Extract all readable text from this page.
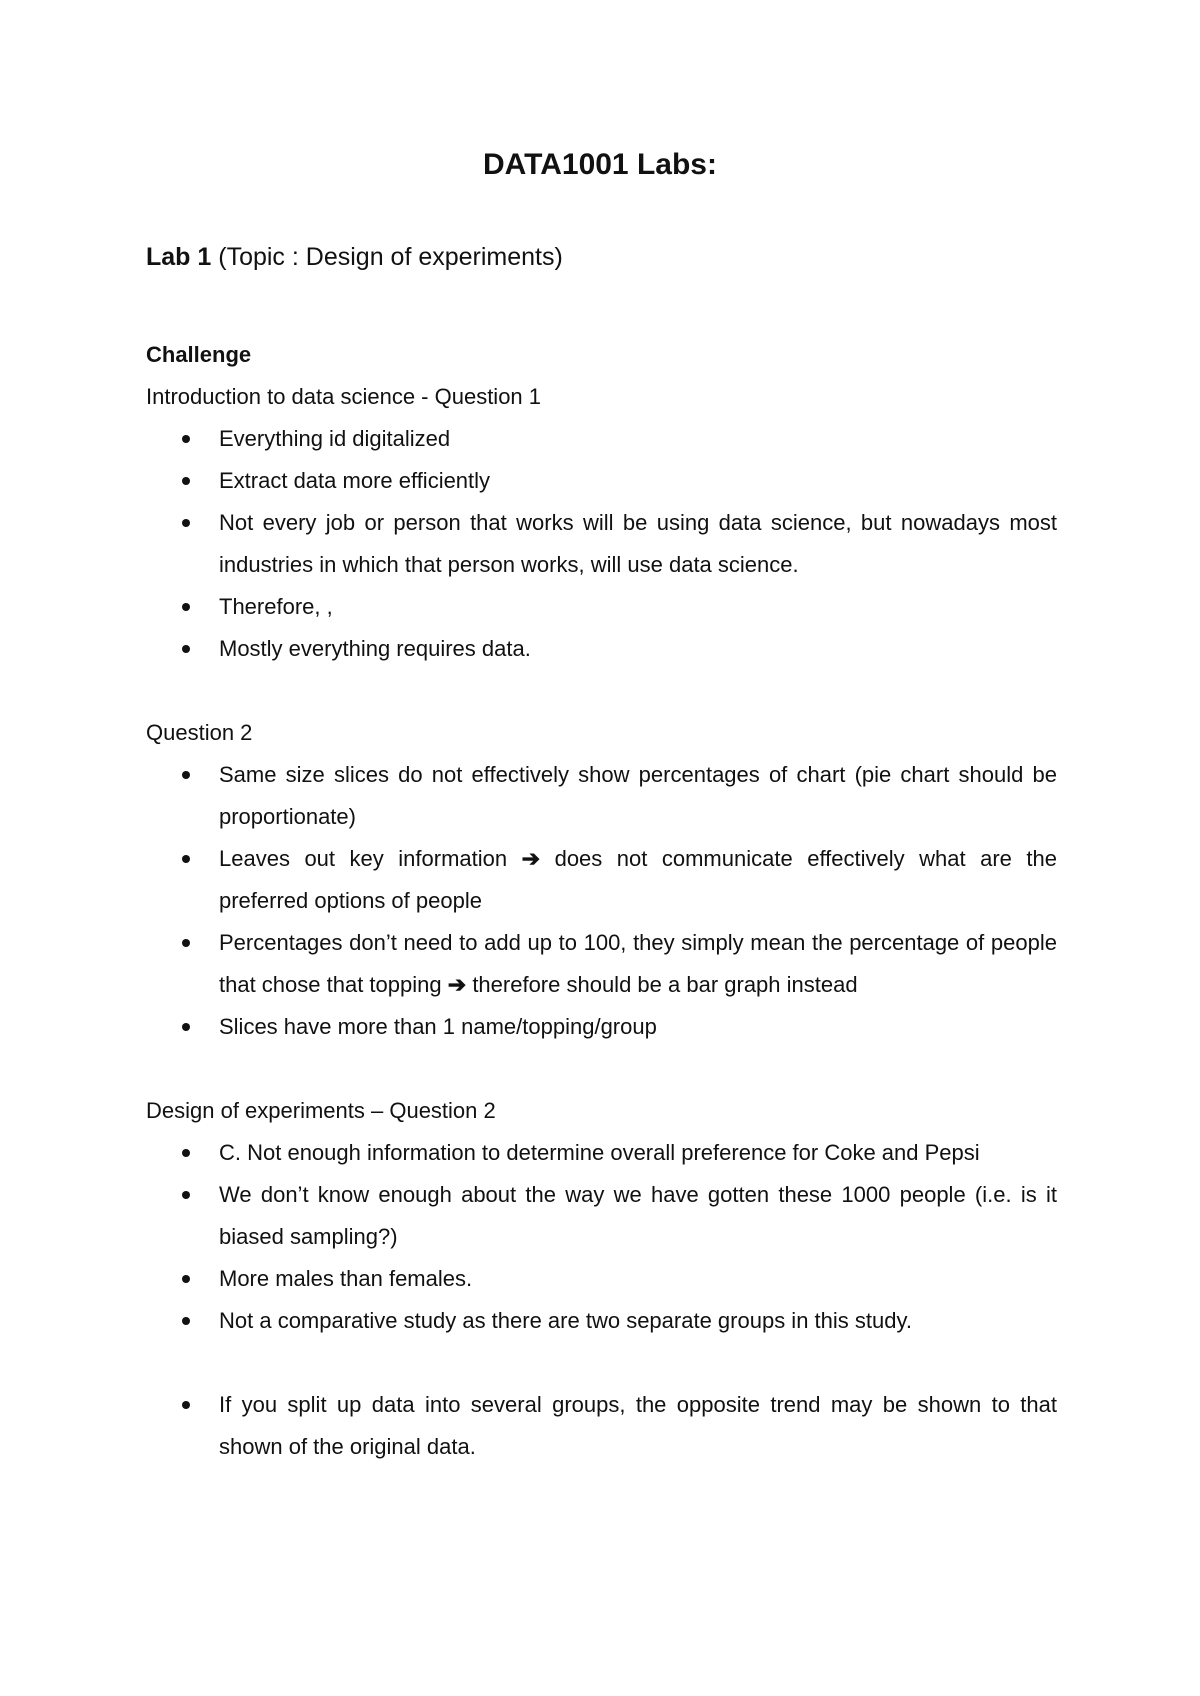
DATA1001 Labs:
Lab 1 (Topic : Design of experiments)

Challenge

Introduction to data science - Question 1

Everything id digitalized
Extract data more efficiently
Not every job or person that works will be using data science, but nowadays most industries in which that person works, will use data science.
Therefore, ,
Mostly everything requires data.

Question 2

Same size slices do not effectively show percentages of chart (pie chart should be proportionate)
Leaves out key information ➔ does not communicate effectively what are the preferred options of people
Percentages don’t need to add up to 100, they simply mean the percentage of people that chose that topping ➔ therefore should be a bar graph instead
Slices have more than 1 name/topping/group

Design of experiments – Question 2

C. Not enough information to determine overall preference for Coke and Pepsi
We don’t know enough about the way we have gotten these 1000 people (i.e. is it biased sampling?)
More males than females.
Not a comparative study as there are two separate groups in this study.
If you split up data into several groups, the opposite trend may be shown to that shown of the original data.
